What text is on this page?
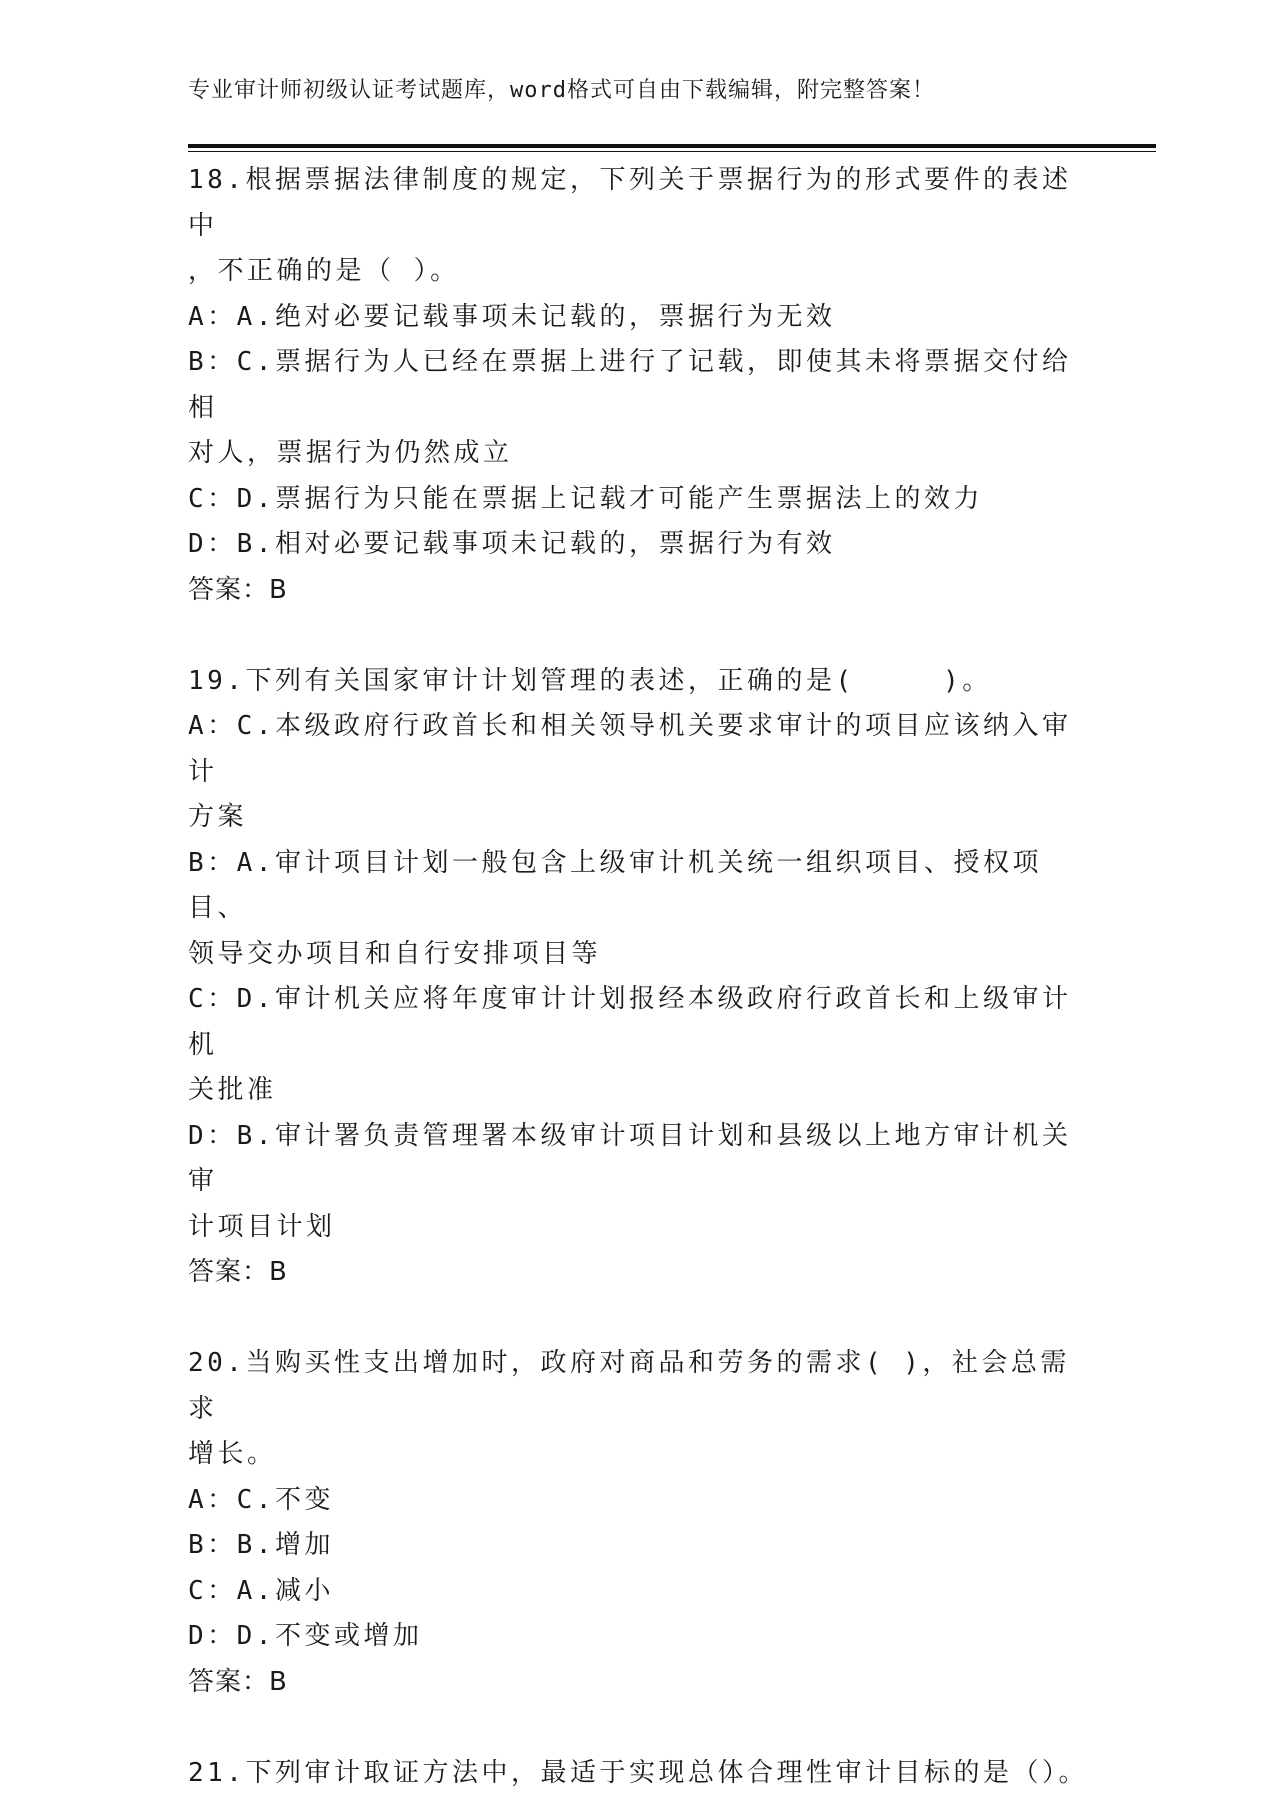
专业审计师初级认证考试题库，word格式可自由下载编辑，附完整答案！

18.根据票据法律制度的规定，下列关于票据行为的形式要件的表述中

，不正确的是（ ）。

A：A.绝对必要记载事项未记载的，票据行为无效

B：C.票据行为人已经在票据上进行了记载，即使其未将票据交付给相

对人，票据行为仍然成立

C：D.票据行为只能在票据上记载才可能产生票据法上的效力

D：B.相对必要记载事项未记载的，票据行为有效

答案：B

19.下列有关国家审计计划管理的表述，正确的是(　　　)。

A：C.本级政府行政首长和相关领导机关要求审计的项目应该纳入审计

方案

B：A.审计项目计划一般包含上级审计机关统一组织项目、授权项目、

领导交办项目和自行安排项目等

C：D.审计机关应将年度审计计划报经本级政府行政首长和上级审计机

关批准

D：B.审计署负责管理署本级审计项目计划和县级以上地方审计机关审

计项目计划

答案：B

20.当购买性支出增加时，政府对商品和劳务的需求( )，社会总需求

增长。

A：C.不变

B：B.增加

C：A.减小

D：D.不变或增加

答案：B

21.下列审计取证方法中，最适于实现总体合理性审计目标的是（）。
